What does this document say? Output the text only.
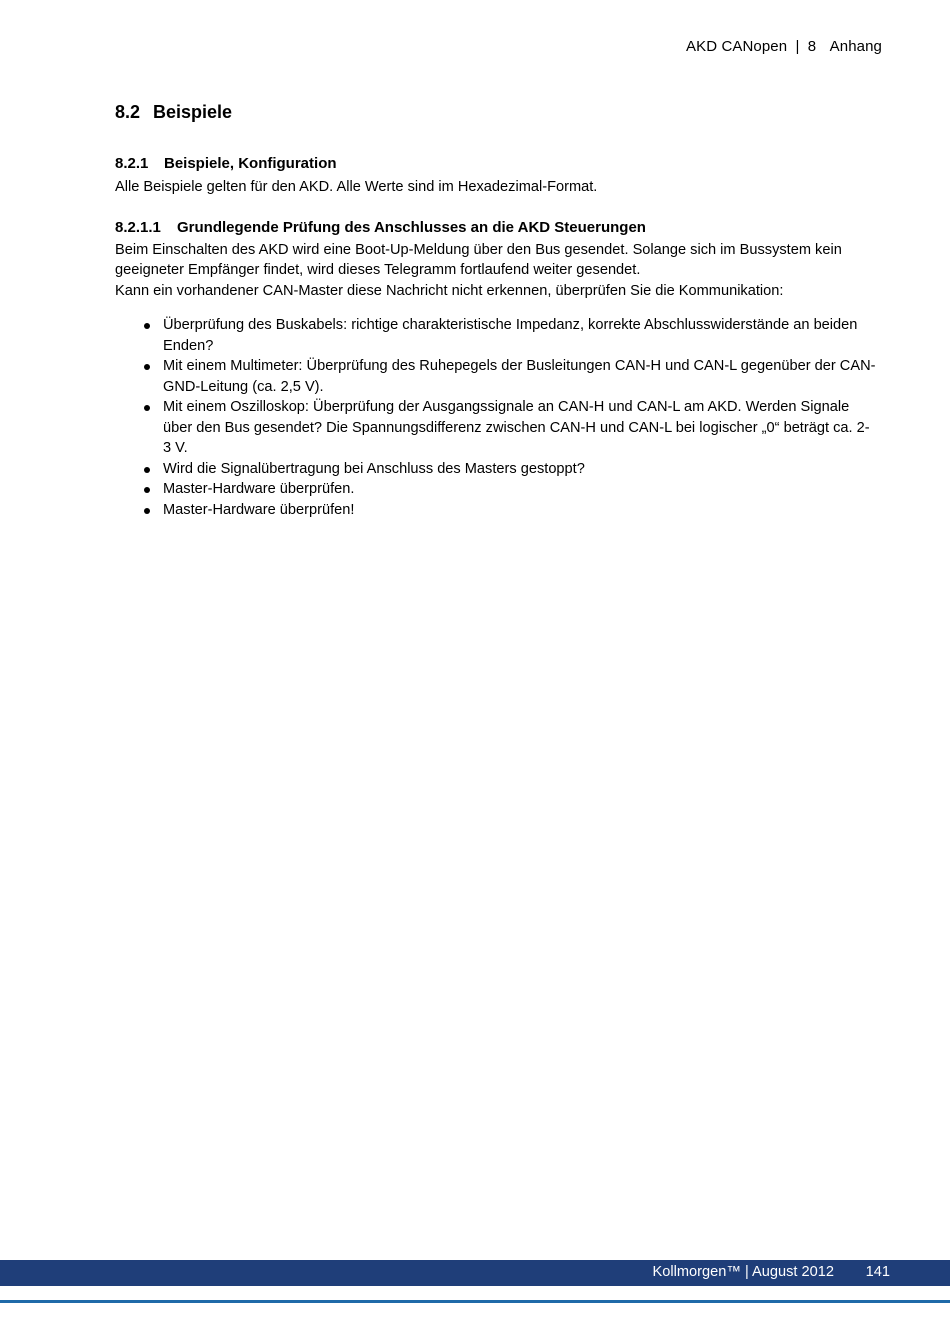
AKD CANopen | 8 Anhang
8.2 Beispiele
8.2.1 Beispiele, Konfiguration

Alle Beispiele gelten für den AKD. Alle Werte sind im Hexadezimal-Format.

8.2.1.1 Grundlegende Prüfung des Anschlusses an die AKD Steuerungen

Beim Einschalten des AKD wird eine Boot-Up-Meldung über den Bus gesendet. Solange sich im Bussystem kein geeigneter Empfänger findet, wird dieses Telegramm fortlaufend weiter gesendet.

Kann ein vorhandener CAN-Master diese Nachricht nicht erkennen, überprüfen Sie die Kommunikation:

Überprüfung des Buskabels: richtige charakteristische Impedanz, korrekte Abschlusswiderstände an beiden Enden?
Mit einem Multimeter: Überprüfung des Ruhepegels der Busleitungen CAN-H und CAN-L gegenüber der CAN-GND-Leitung (ca. 2,5 V).
Mit einem Oszilloskop: Überprüfung der Ausgangssignale an CAN-H und CAN-L am AKD. Werden Signale über den Bus gesendet? Die Spannungsdifferenz zwischen CAN-H und CAN-L bei logischer „0“ beträgt ca. 2-3 V.
Wird die Signalübertragung bei Anschluss des Masters gestoppt?
Master-Hardware überprüfen.
Master-Hardware überprüfen!
Kollmorgen™ | August 2012 141
